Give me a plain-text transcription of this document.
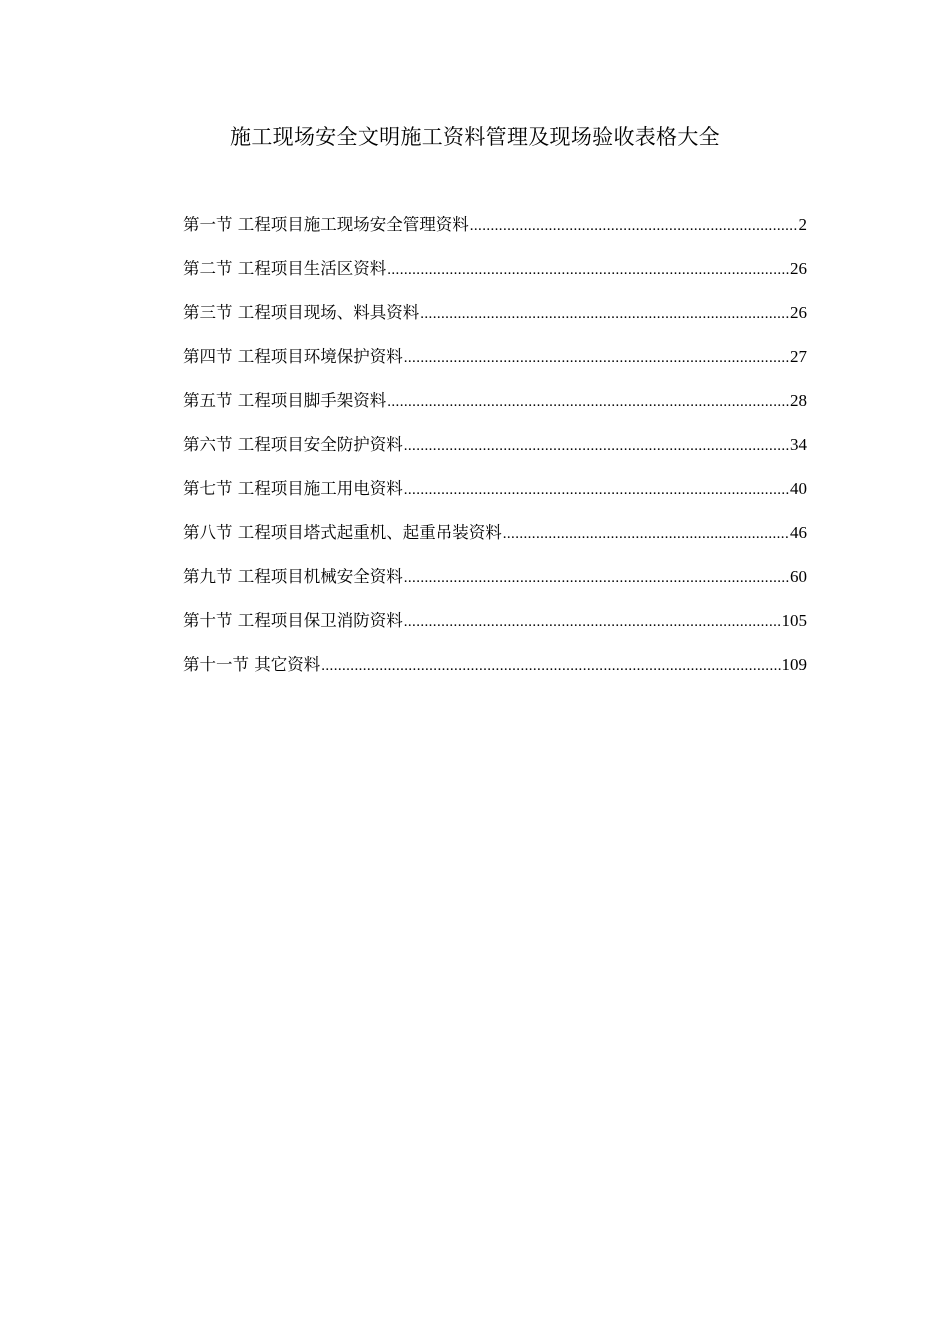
施工现场安全文明施工资料管理及现场验收表格大全
第一节 工程项目施工现场安全管理资料 .....	2
第二节 工程项目生活区资料 .....	26
第三节 工程项目现场、料具资料 .....	26
第四节 工程项目环境保护资料 .....	27
第五节 工程项目脚手架资料 .....	28
第六节 工程项目安全防护资料 .....	34
第七节 工程项目施工用电资料 .....	40
第八节 工程项目塔式起重机、起重吊装资料 .....	46
第九节 工程项目机械安全资料 .....	60
第十节 工程项目保卫消防资料 .....	105
第十一节 其它资料 .....	109
